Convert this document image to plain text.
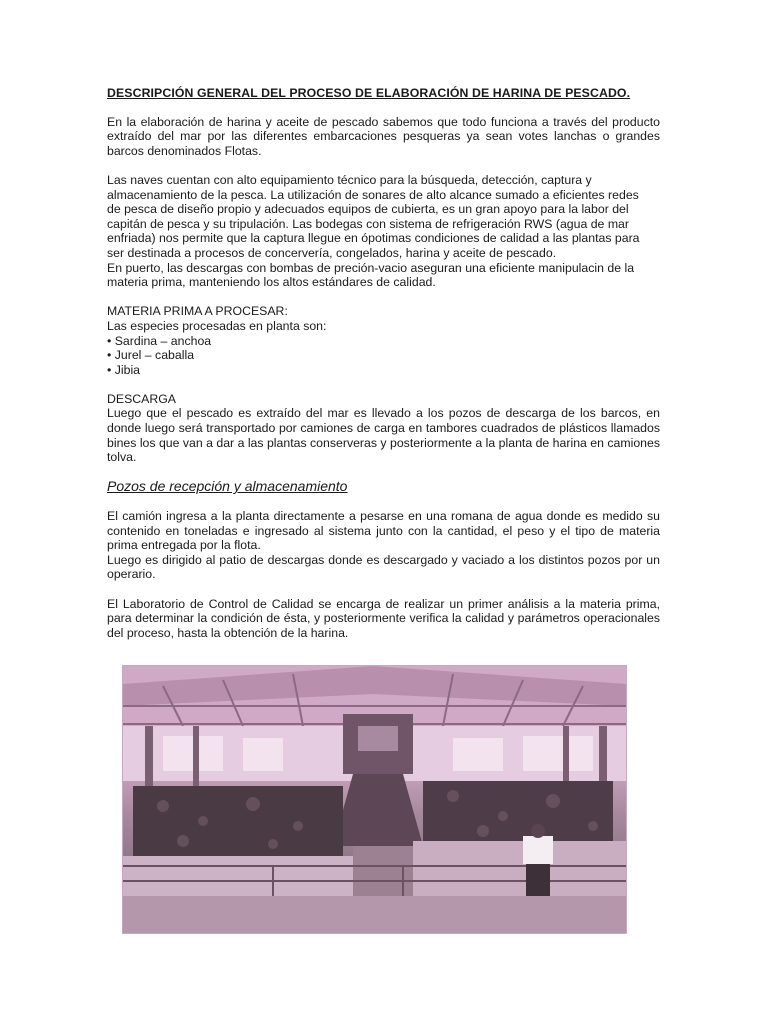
DESCRIPCIÓN GENERAL DEL PROCESO DE ELABORACIÓN DE HARINA DE PESCADO.

En la elaboración de harina y aceite de pescado sabemos que todo funciona a través del producto extraído del mar por las diferentes embarcaciones pesqueras ya sean votes lanchas o grandes barcos denominados Flotas.

Las naves cuentan con alto equipamiento técnico para la búsqueda, detección, captura y
almacenamiento de la pesca. La utilización de sonares de alto alcance sumado a eficientes redes
de pesca de diseño propio y adecuados equipos de cubierta, es un gran apoyo para la labor del
capitán de pesca y su tripulación. Las bodegas con sistema de refrigeración RWS (agua de mar
enfriada) nos permite que la captura llegue en ópotimas condiciones de calidad a las plantas para
ser destinada a procesos de concervería, congelados, harina y aceite de pescado.
En puerto, las descargas con bombas de preción-vacio aseguran una eficiente manipulacin de la
materia prima, manteniendo los altos estándares de calidad.

MATERIA PRIMA A PROCESAR:
Las especies procesadas en planta son:

• Sardina – anchoa
• Jurel – caballa
• Jibia
DESCARGA

Luego que el pescado es extraído del mar es llevado a los pozos de descarga de los barcos, en donde luego será transportado por camiones de carga en tambores cuadrados de plásticos llamados bines los que van a dar a las plantas conserveras y posteriormente a la planta de harina en camiones tolva.

Pozos de recepción y almacenamiento
El camión ingresa a la planta directamente a pesarse en una romana de agua donde es medido su contenido en toneladas e ingresado al sistema junto con la cantidad, el peso y el tipo de materia prima entregada por la flota.

Luego es dirigido al patio de descargas donde es descargado y vaciado a los distintos pozos por un operario.

El Laboratorio de Control de Calidad se encarga de realizar un primer análisis a la materia prima, para determinar la condición de ésta, y posteriormente verifica la calidad y parámetros operacionales del proceso, hasta la obtención de la harina.
